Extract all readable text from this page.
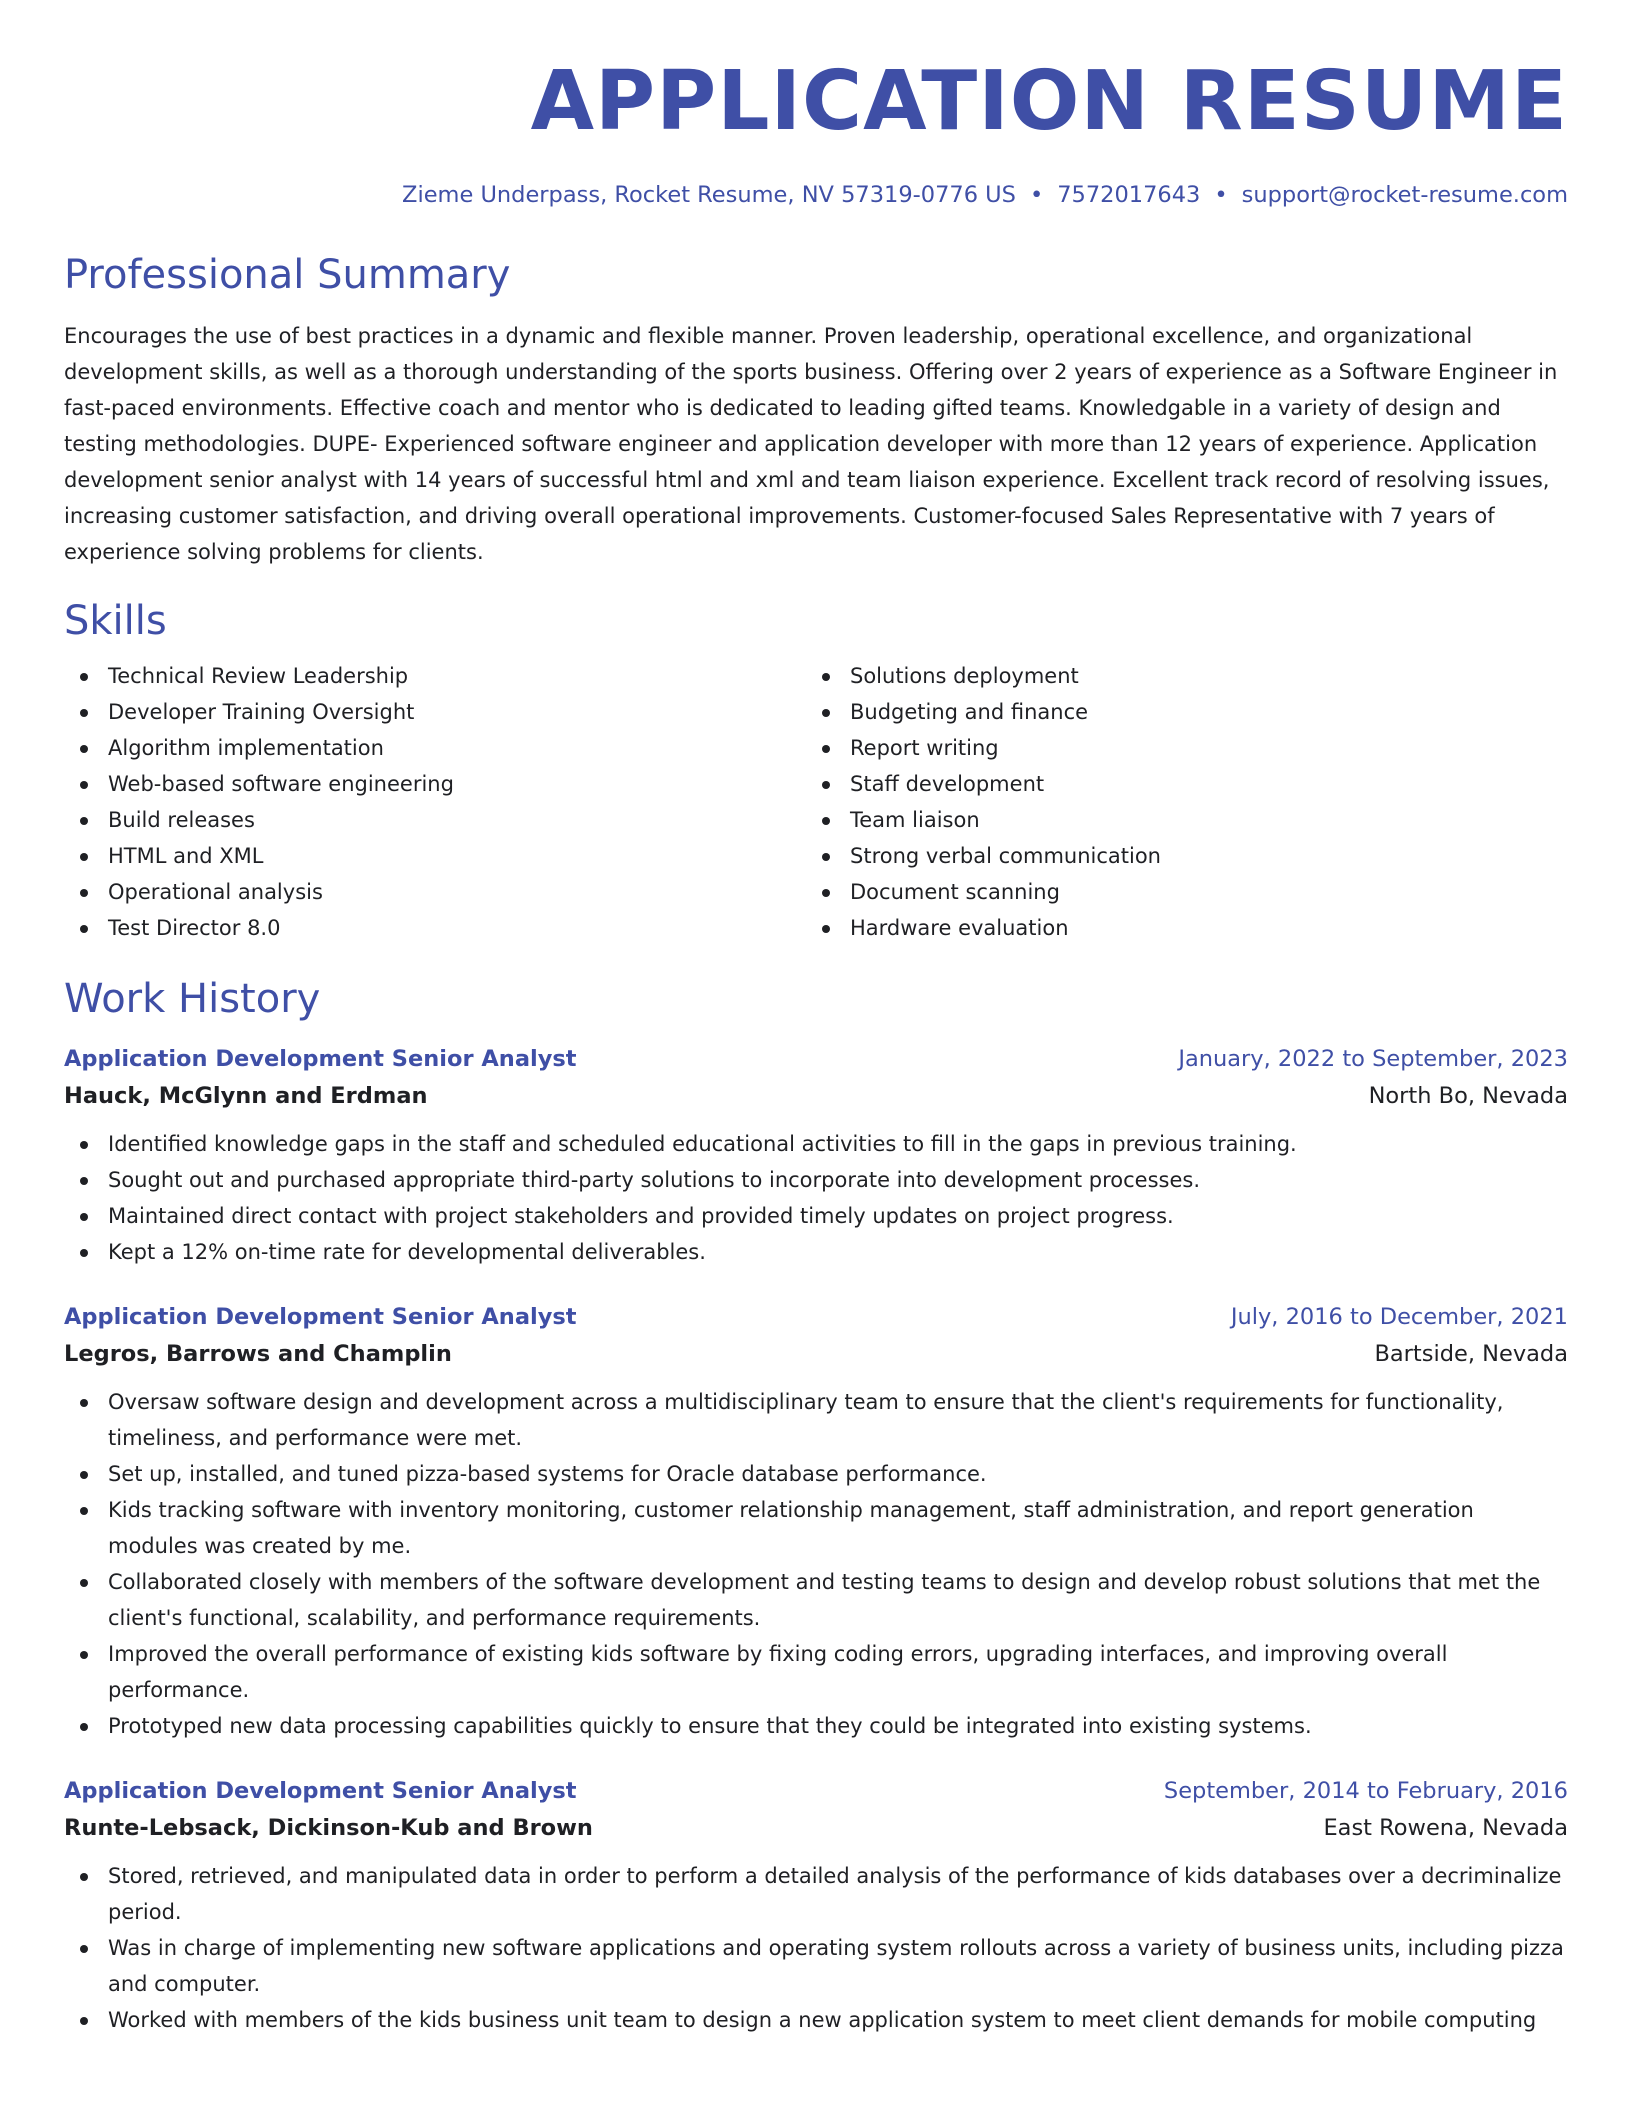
APPLICATION RESUME
Zieme Underpass, Rocket Resume, NV 57319-0776 US • 7572017643 • support@rocket-resume.com
Professional Summary

Encourages the use of best practices in a dynamic and flexible manner. Proven leadership, operational excellence, and organizational development skills, as well as a thorough understanding of the sports business. Offering over 2 years of experience as a Software Engineer in fast-paced environments. Effective coach and mentor who is dedicated to leading gifted teams. Knowledgable in a variety of design and testing methodologies. DUPE- Experienced software engineer and application developer with more than 12 years of experience. Application development senior analyst with 14 years of successful html and xml and team liaison experience. Excellent track record of resolving issues, increasing customer satisfaction, and driving overall operational improvements. Customer-focused Sales Representative with 7 years of experience solving problems for clients.

Skills
Technical Review Leadership
Developer Training Oversight
Algorithm implementation
Web-based software engineering
Build releases
HTML and XML
Operational analysis
Test Director 8.0
Solutions deployment
Budgeting and finance
Report writing
Staff development
Team liaison
Strong verbal communication
Document scanning
Hardware evaluation
Work History
Application Development Senior Analyst	January, 2022 to September, 2023
Hauck, McGlynn and Erdman	North Bo, Nevada
Identified knowledge gaps in the staff and scheduled educational activities to fill in the gaps in previous training.
Sought out and purchased appropriate third-party solutions to incorporate into development processes.
Maintained direct contact with project stakeholders and provided timely updates on project progress.
Kept a 12% on-time rate for developmental deliverables.
Application Development Senior Analyst	July, 2016 to December, 2021
Legros, Barrows and Champlin	Bartside, Nevada
Oversaw software design and development across a multidisciplinary team to ensure that the client's requirements for functionality, timeliness, and performance were met.
Set up, installed, and tuned pizza-based systems for Oracle database performance.
Kids tracking software with inventory monitoring, customer relationship management, staff administration, and report generation modules was created by me.
Collaborated closely with members of the software development and testing teams to design and develop robust solutions that met the client's functional, scalability, and performance requirements.
Improved the overall performance of existing kids software by fixing coding errors, upgrading interfaces, and improving overall performance.
Prototyped new data processing capabilities quickly to ensure that they could be integrated into existing systems.
Application Development Senior Analyst	September, 2014 to February, 2016
Runte-Lebsack, Dickinson-Kub and Brown	East Rowena, Nevada
Stored, retrieved, and manipulated data in order to perform a detailed analysis of the performance of kids databases over a decriminalize period.
Was in charge of implementing new software applications and operating system rollouts across a variety of business units, including pizza and computer.
Worked with members of the kids business unit team to design a new application system to meet client demands for mobile computing
